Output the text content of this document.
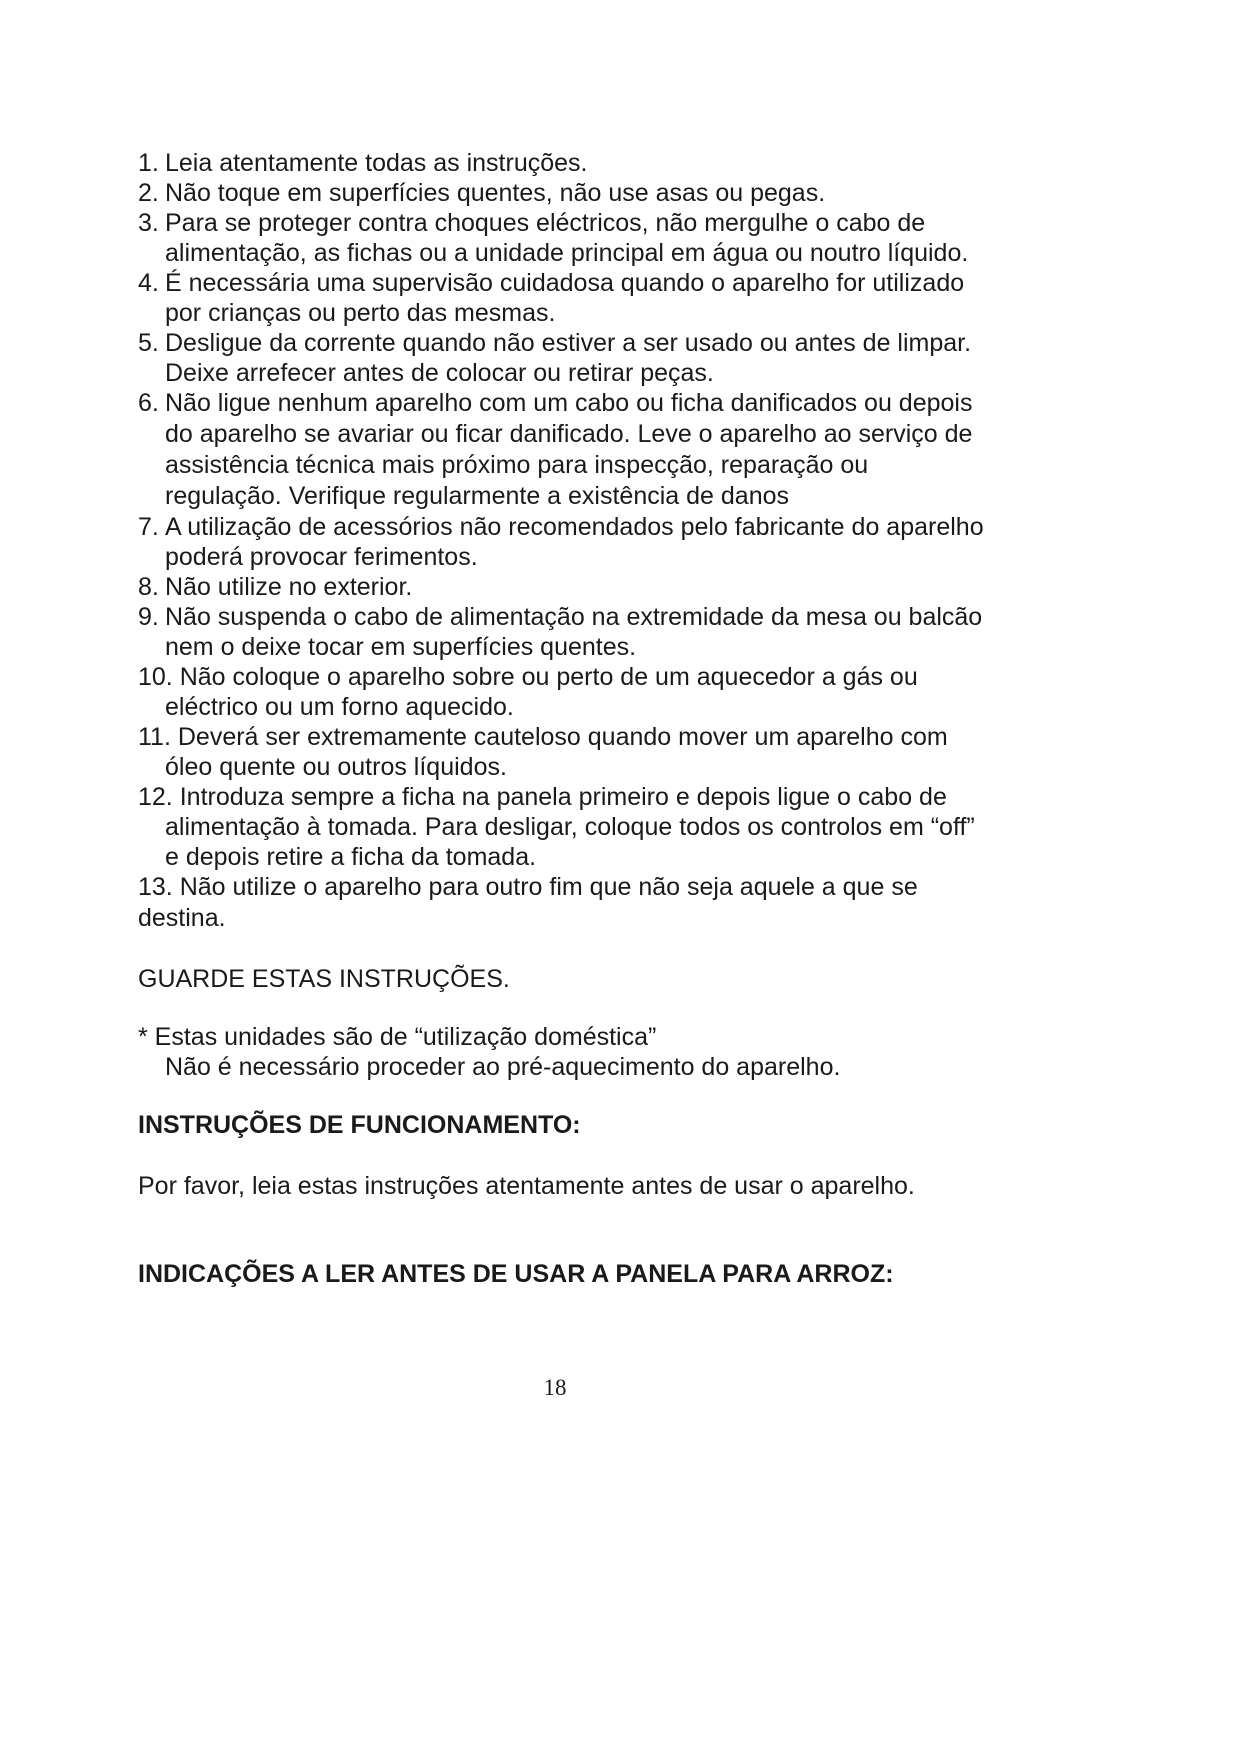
1. Leia atentamente todas as instruções.
2. Não toque em superfícies quentes, não use asas ou pegas.
3. Para se proteger contra choques eléctricos, não mergulhe o cabo de alimentação, as fichas ou a unidade principal em água ou noutro líquido.
4. É necessária uma supervisão cuidadosa quando o aparelho for utilizado por crianças ou perto das mesmas.
5. Desligue da corrente quando não estiver a ser usado ou antes de limpar. Deixe arrefecer antes de colocar ou retirar peças.
6. Não ligue nenhum aparelho com um cabo ou ficha danificados ou depois do aparelho se avariar ou ficar danificado. Leve o aparelho ao serviço de assistência técnica mais próximo para inspecção, reparação ou regulação. Verifique regularmente a existência de danos
7. A utilização de acessórios não recomendados pelo fabricante do aparelho poderá provocar ferimentos.
8. Não utilize no exterior.
9. Não suspenda o cabo de alimentação na extremidade da mesa ou balcão nem o deixe tocar em superfícies quentes.
10. Não coloque o aparelho sobre ou perto de um aquecedor a gás ou eléctrico ou um forno aquecido.
11. Deverá ser extremamente cauteloso quando mover um aparelho com óleo quente ou outros líquidos.
12. Introduza sempre a ficha na panela primeiro e depois ligue o cabo de alimentação à tomada. Para desligar, coloque todos os controlos em “off” e depois retire a ficha da tomada.
13. Não utilize o aparelho para outro fim que não seja aquele a que se destina.
GUARDE ESTAS INSTRUÇÕES.
* Estas unidades são de “utilização doméstica”
Não é necessário proceder ao pré-aquecimento do aparelho.
INSTRUÇÕES DE FUNCIONAMENTO:
Por favor, leia estas instruções atentamente antes de usar o aparelho.
INDICAÇÕES A LER ANTES DE USAR A PANELA PARA ARROZ:
18
